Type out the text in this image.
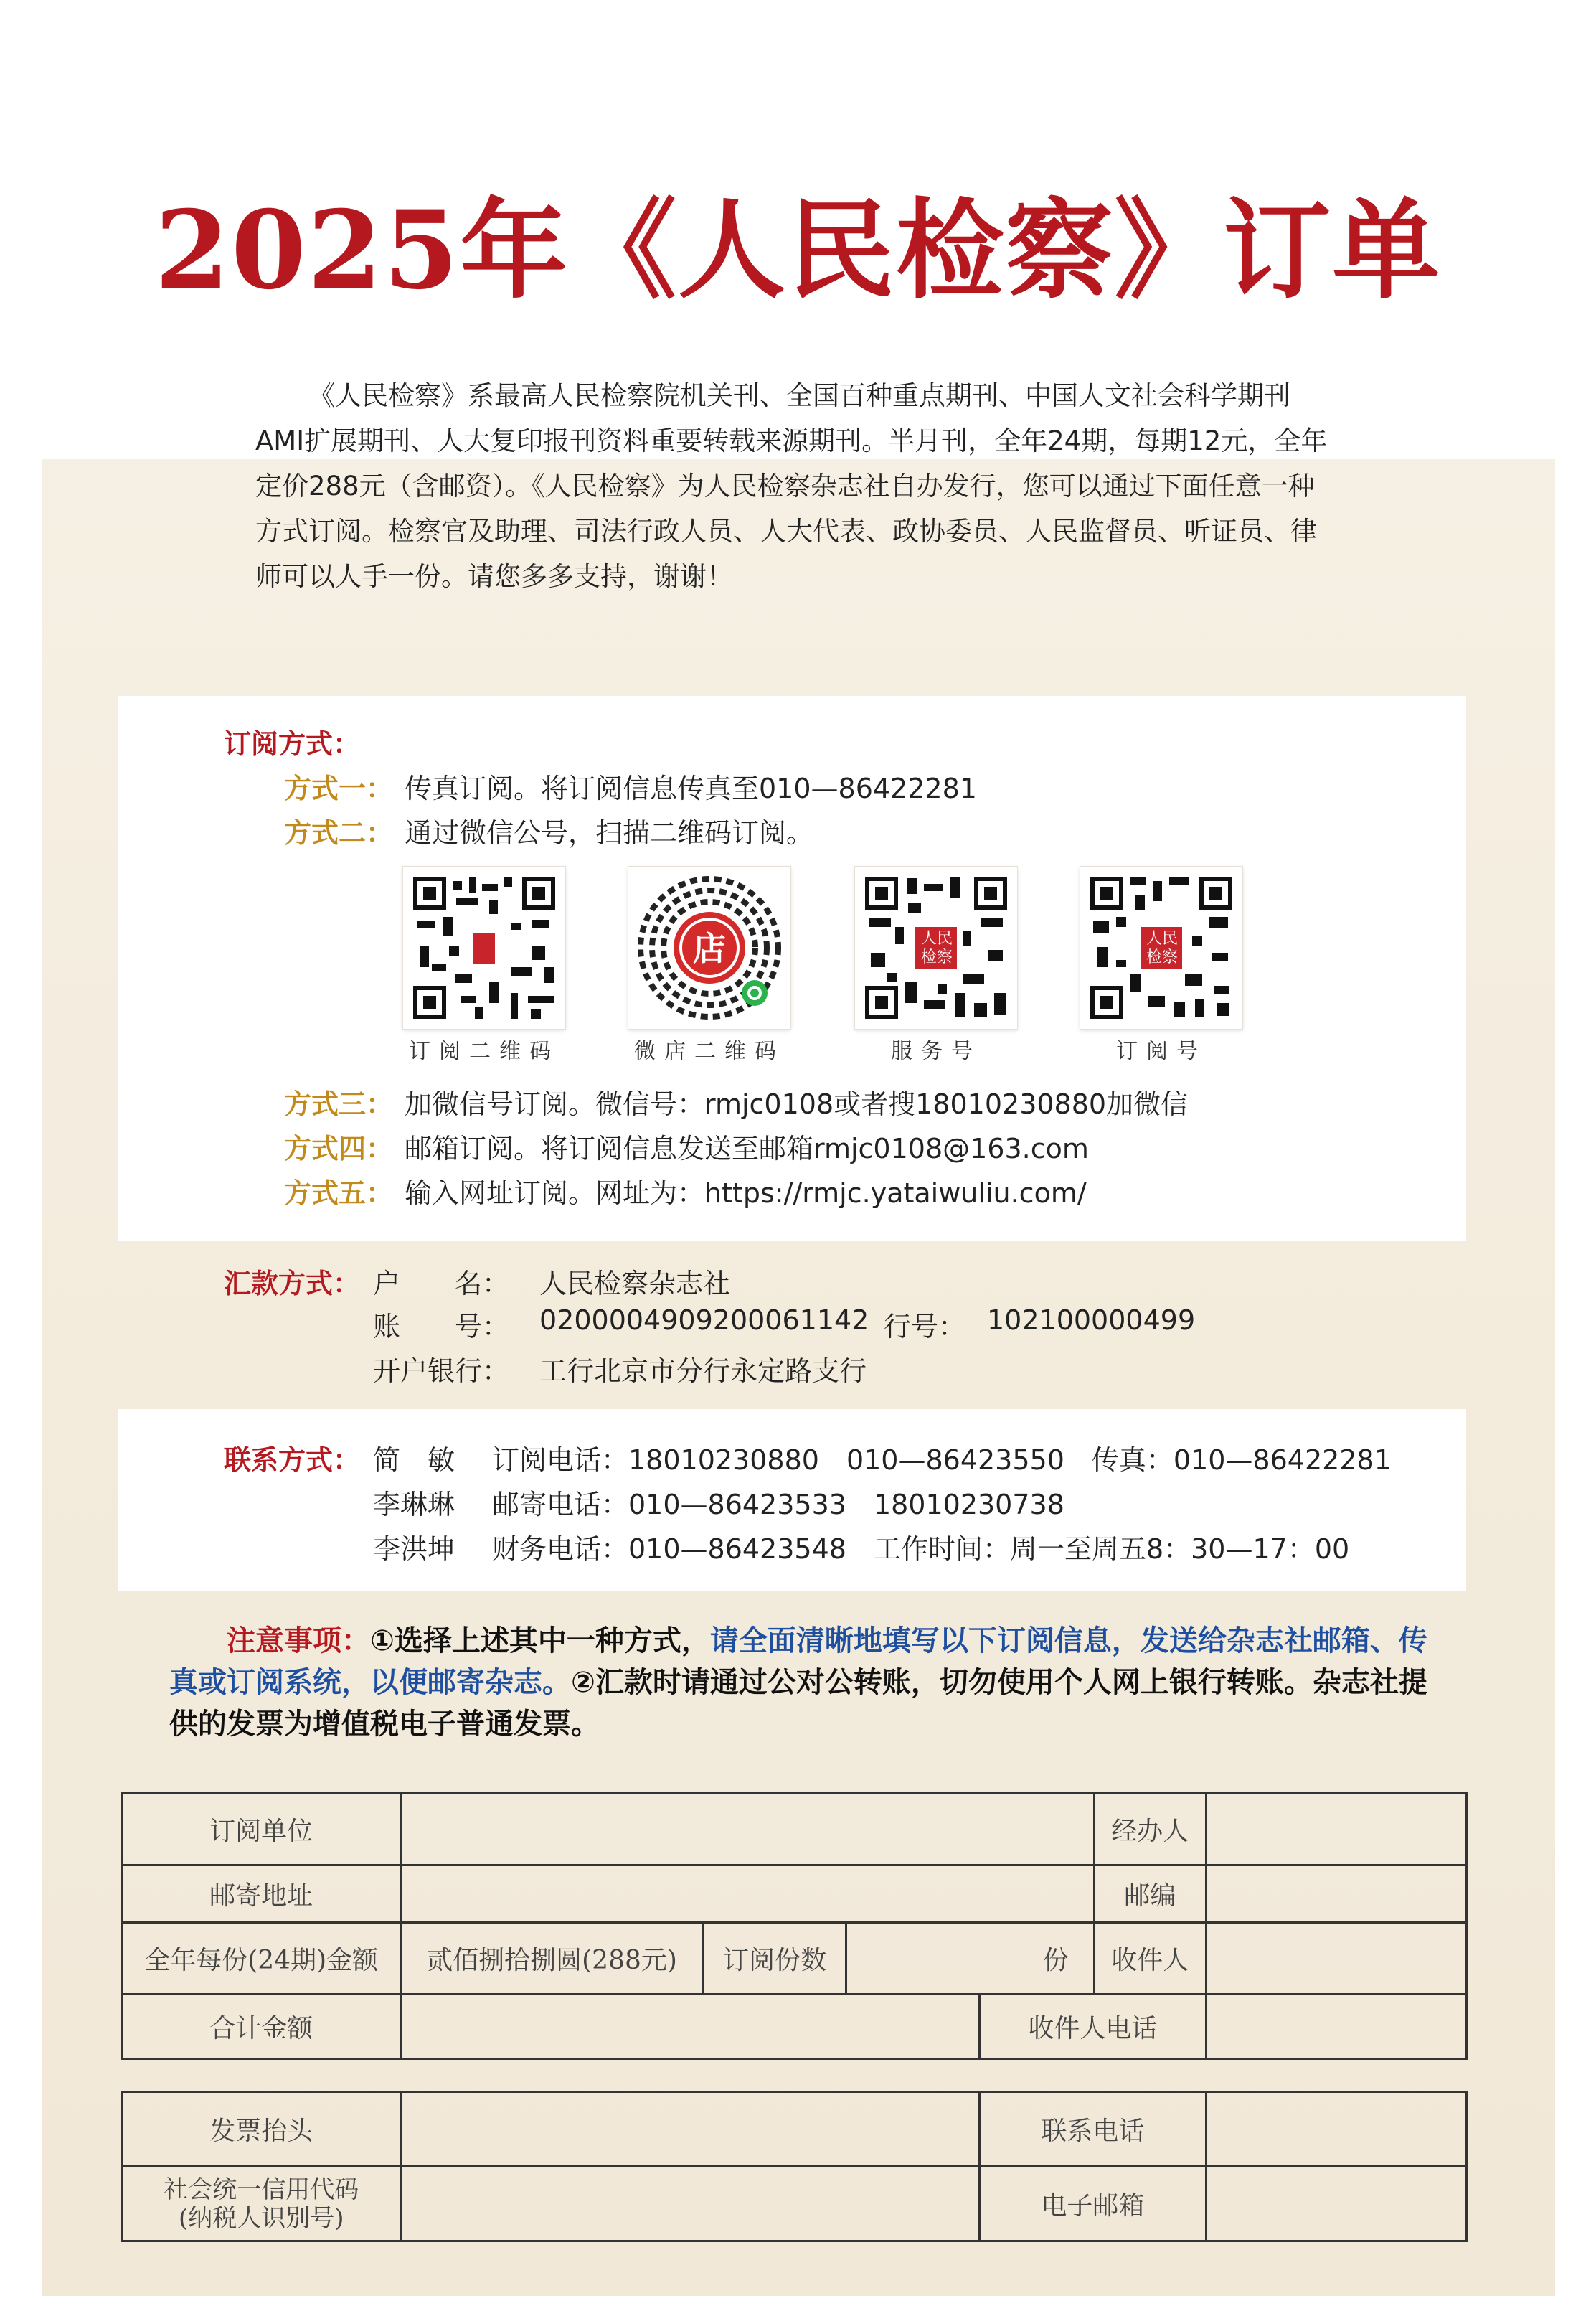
2025年《人民检察》订单
《人民检察》系最高人民检察院机关刊、全国百种重点期刊、中国人文社会科学期刊AMI扩展期刊、人大复印报刊资料重要转载来源期刊。半月刊，全年24期，每期12元，全年定价288元（含邮资）。《人民检察》为人民检察杂志社自办发行，您可以通过下面任意一种方式订阅。检察官及助理、司法行政人员、人大代表、政协委员、人民监督员、听证员、律师可以人手一份。请您多多支持，谢谢！
订阅方式：
方式一： 传真订阅。将订阅信息传真至010—86422281
方式二： 通过微信公号，扫描二维码订阅。
店	人民检察
人民检察
订阅二维码	微店二维码	服务号	订阅号
方式三： 加微信号订阅。微信号：rmjc0108或者搜18010230880加微信
方式四： 邮箱订阅。将订阅信息发送至邮箱rmjc0108@163.com
方式五： 输入网址订阅。网址为：https://rmjc.yataiwuliu.com/
汇款方式： 户　　名： 人民检察杂志社
账　　号： 0200004909200061142 行号： 102100000499
开户银行： 工行北京市分行永定路支行
联系方式： 简　敏 订阅电话：18010230880　010—86423550　传真：010—86422281
李琳琳 邮寄电话：010—86423533　18010230738
李洪坤 财务电话：010—86423548　工作时间：周一至周五8：30—17：00
注意事项：①选择上述其中一种方式，请全面清晰地填写以下订阅信息，发送给杂志社邮箱、传真或订阅系统，以便邮寄杂志。②汇款时请通过公对公转账，切勿使用个人网上银行转账。杂志社提供的发票为增值税电子普通发票。
订阅单位					经办人	
邮寄地址					邮编	
全年每份(24期)金额	贰佰捌拾捌圆(288元)	订阅份数	份		收件人	
合计金额				收件人电话		
发票抬头		联系电话	

社会统一信用代码
(纳税人识别号)		电子邮箱	
